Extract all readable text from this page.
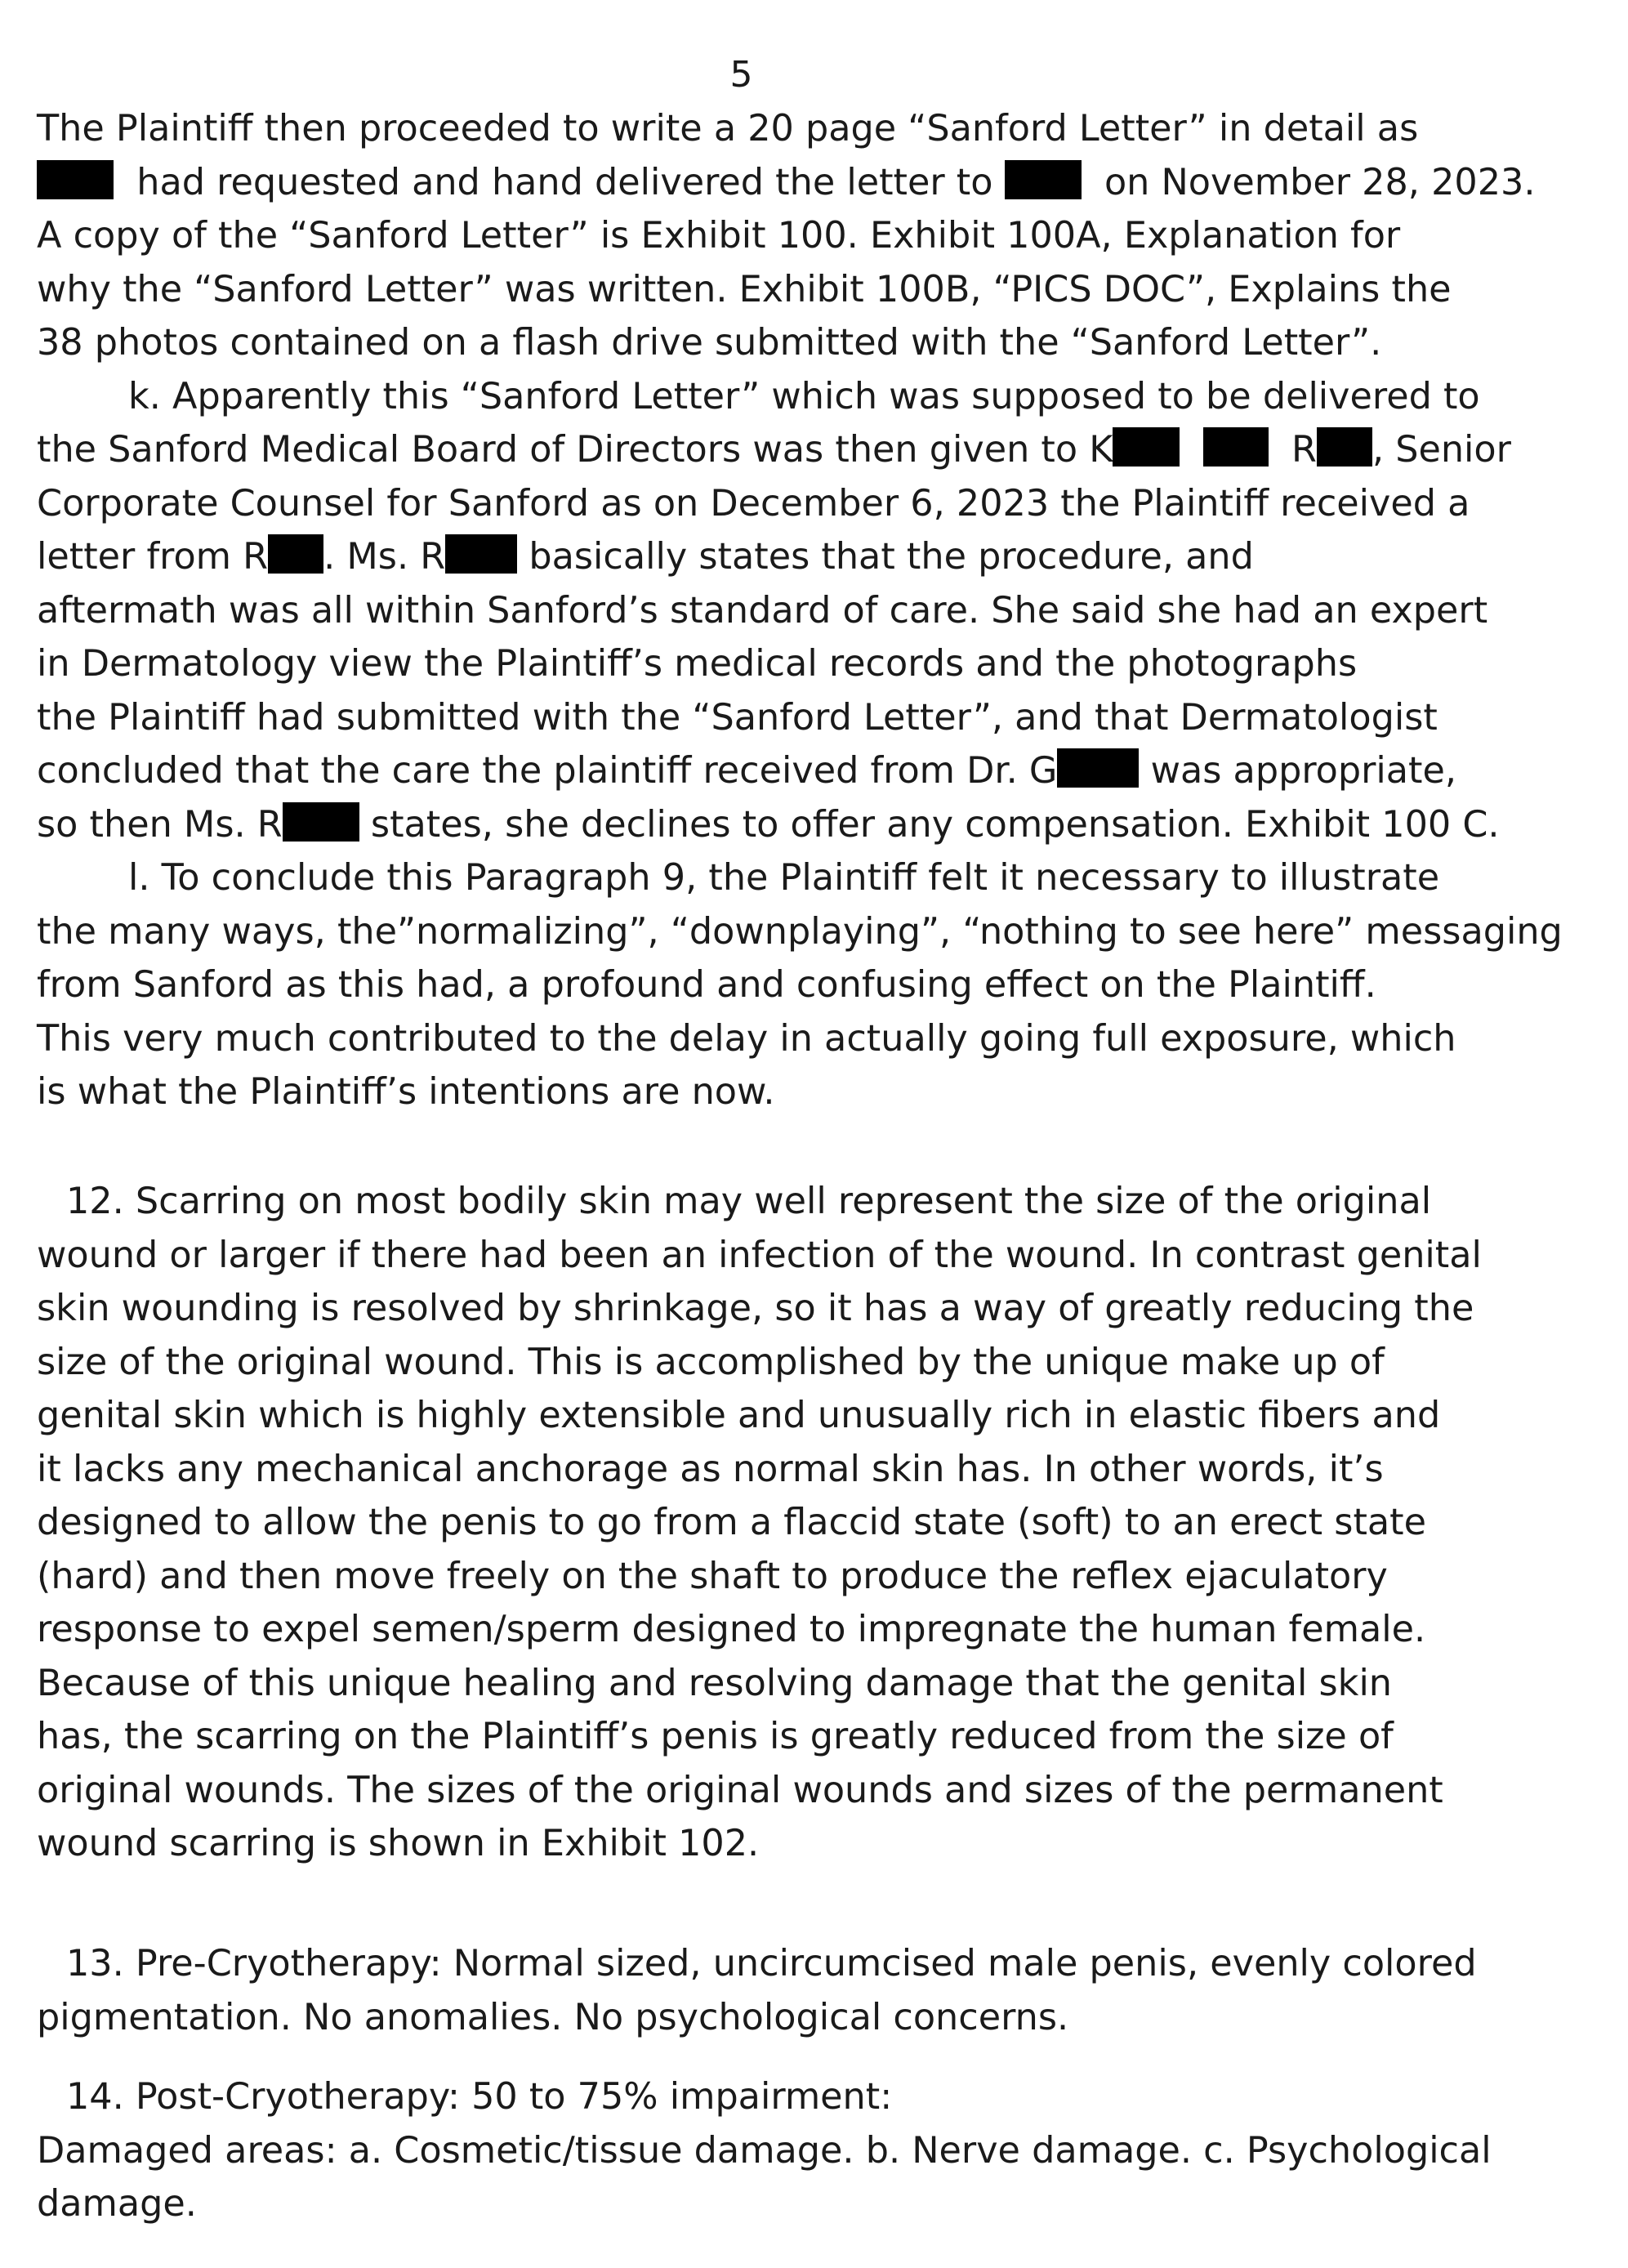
5
The Plaintiff then proceeded to write a 20 page “Sanford Letter” in detail as
had requested and hand delivered the letter to	on November 28, 2023.
A copy of the “Sanford Letter” is Exhibit 100. Exhibit 100A, Explanation for
why the “Sanford Letter” was written. Exhibit 100B, “PICS DOC”, Explains the
38 photos contained on a flash drive submitted with the “Sanford Letter”.
k. Apparently this “Sanford Letter” which was supposed to be delivered to
the Sanford Medical Board of Directors was then given to K	R , Senior
Corporate Counsel for Sanford as on December 6, 2023 the Plaintiff received a
letter from R . Ms. R basically states that the procedure, and
aftermath was all within Sanford’s standard of care. She said she had an expert
in Dermatology view the Plaintiff’s medical records and the photographs
the Plaintiff had submitted with the “Sanford Letter”, and that Dermatologist
concluded that the care the plaintiff received from Dr. G was appropriate,
so then Ms. R states, she declines to offer any compensation. Exhibit 100 C.
l. To conclude this Paragraph 9, the Plaintiff felt it necessary to illustrate
the many ways, the”normalizing”, “downplaying”, “nothing to see here” messaging
from Sanford as this had, a profound and confusing effect on the Plaintiff.
This very much contributed to the delay in actually going full exposure, which
is what the Plaintiff’s intentions are now.
12. Scarring on most bodily skin may well represent the size of the original
wound or larger if there had been an infection of the wound. In contrast genital
skin wounding is resolved by shrinkage, so it has a way of greatly reducing the
size of the original wound. This is accomplished by the unique make up of
genital skin which is highly extensible and unusually rich in elastic fibers and
it lacks any mechanical anchorage as normal skin has. In other words, it’s
designed to allow the penis to go from a flaccid state (soft) to an erect state
(hard) and then move freely on the shaft to produce the reflex ejaculatory
response to expel semen/sperm designed to impregnate the human female.
Because of this unique healing and resolving damage that the genital skin
has, the scarring on the Plaintiff’s penis is greatly reduced from the size of
original wounds. The sizes of the original wounds and sizes of the permanent
wound scarring is shown in Exhibit 102.
13. Pre-Cryotherapy: Normal sized, uncircumcised male penis, evenly colored
pigmentation. No anomalies. No psychological concerns.
14. Post-Cryotherapy: 50 to 75% impairment:
Damaged areas: a. Cosmetic/tissue damage. b. Nerve damage. c. Psychological
damage.
